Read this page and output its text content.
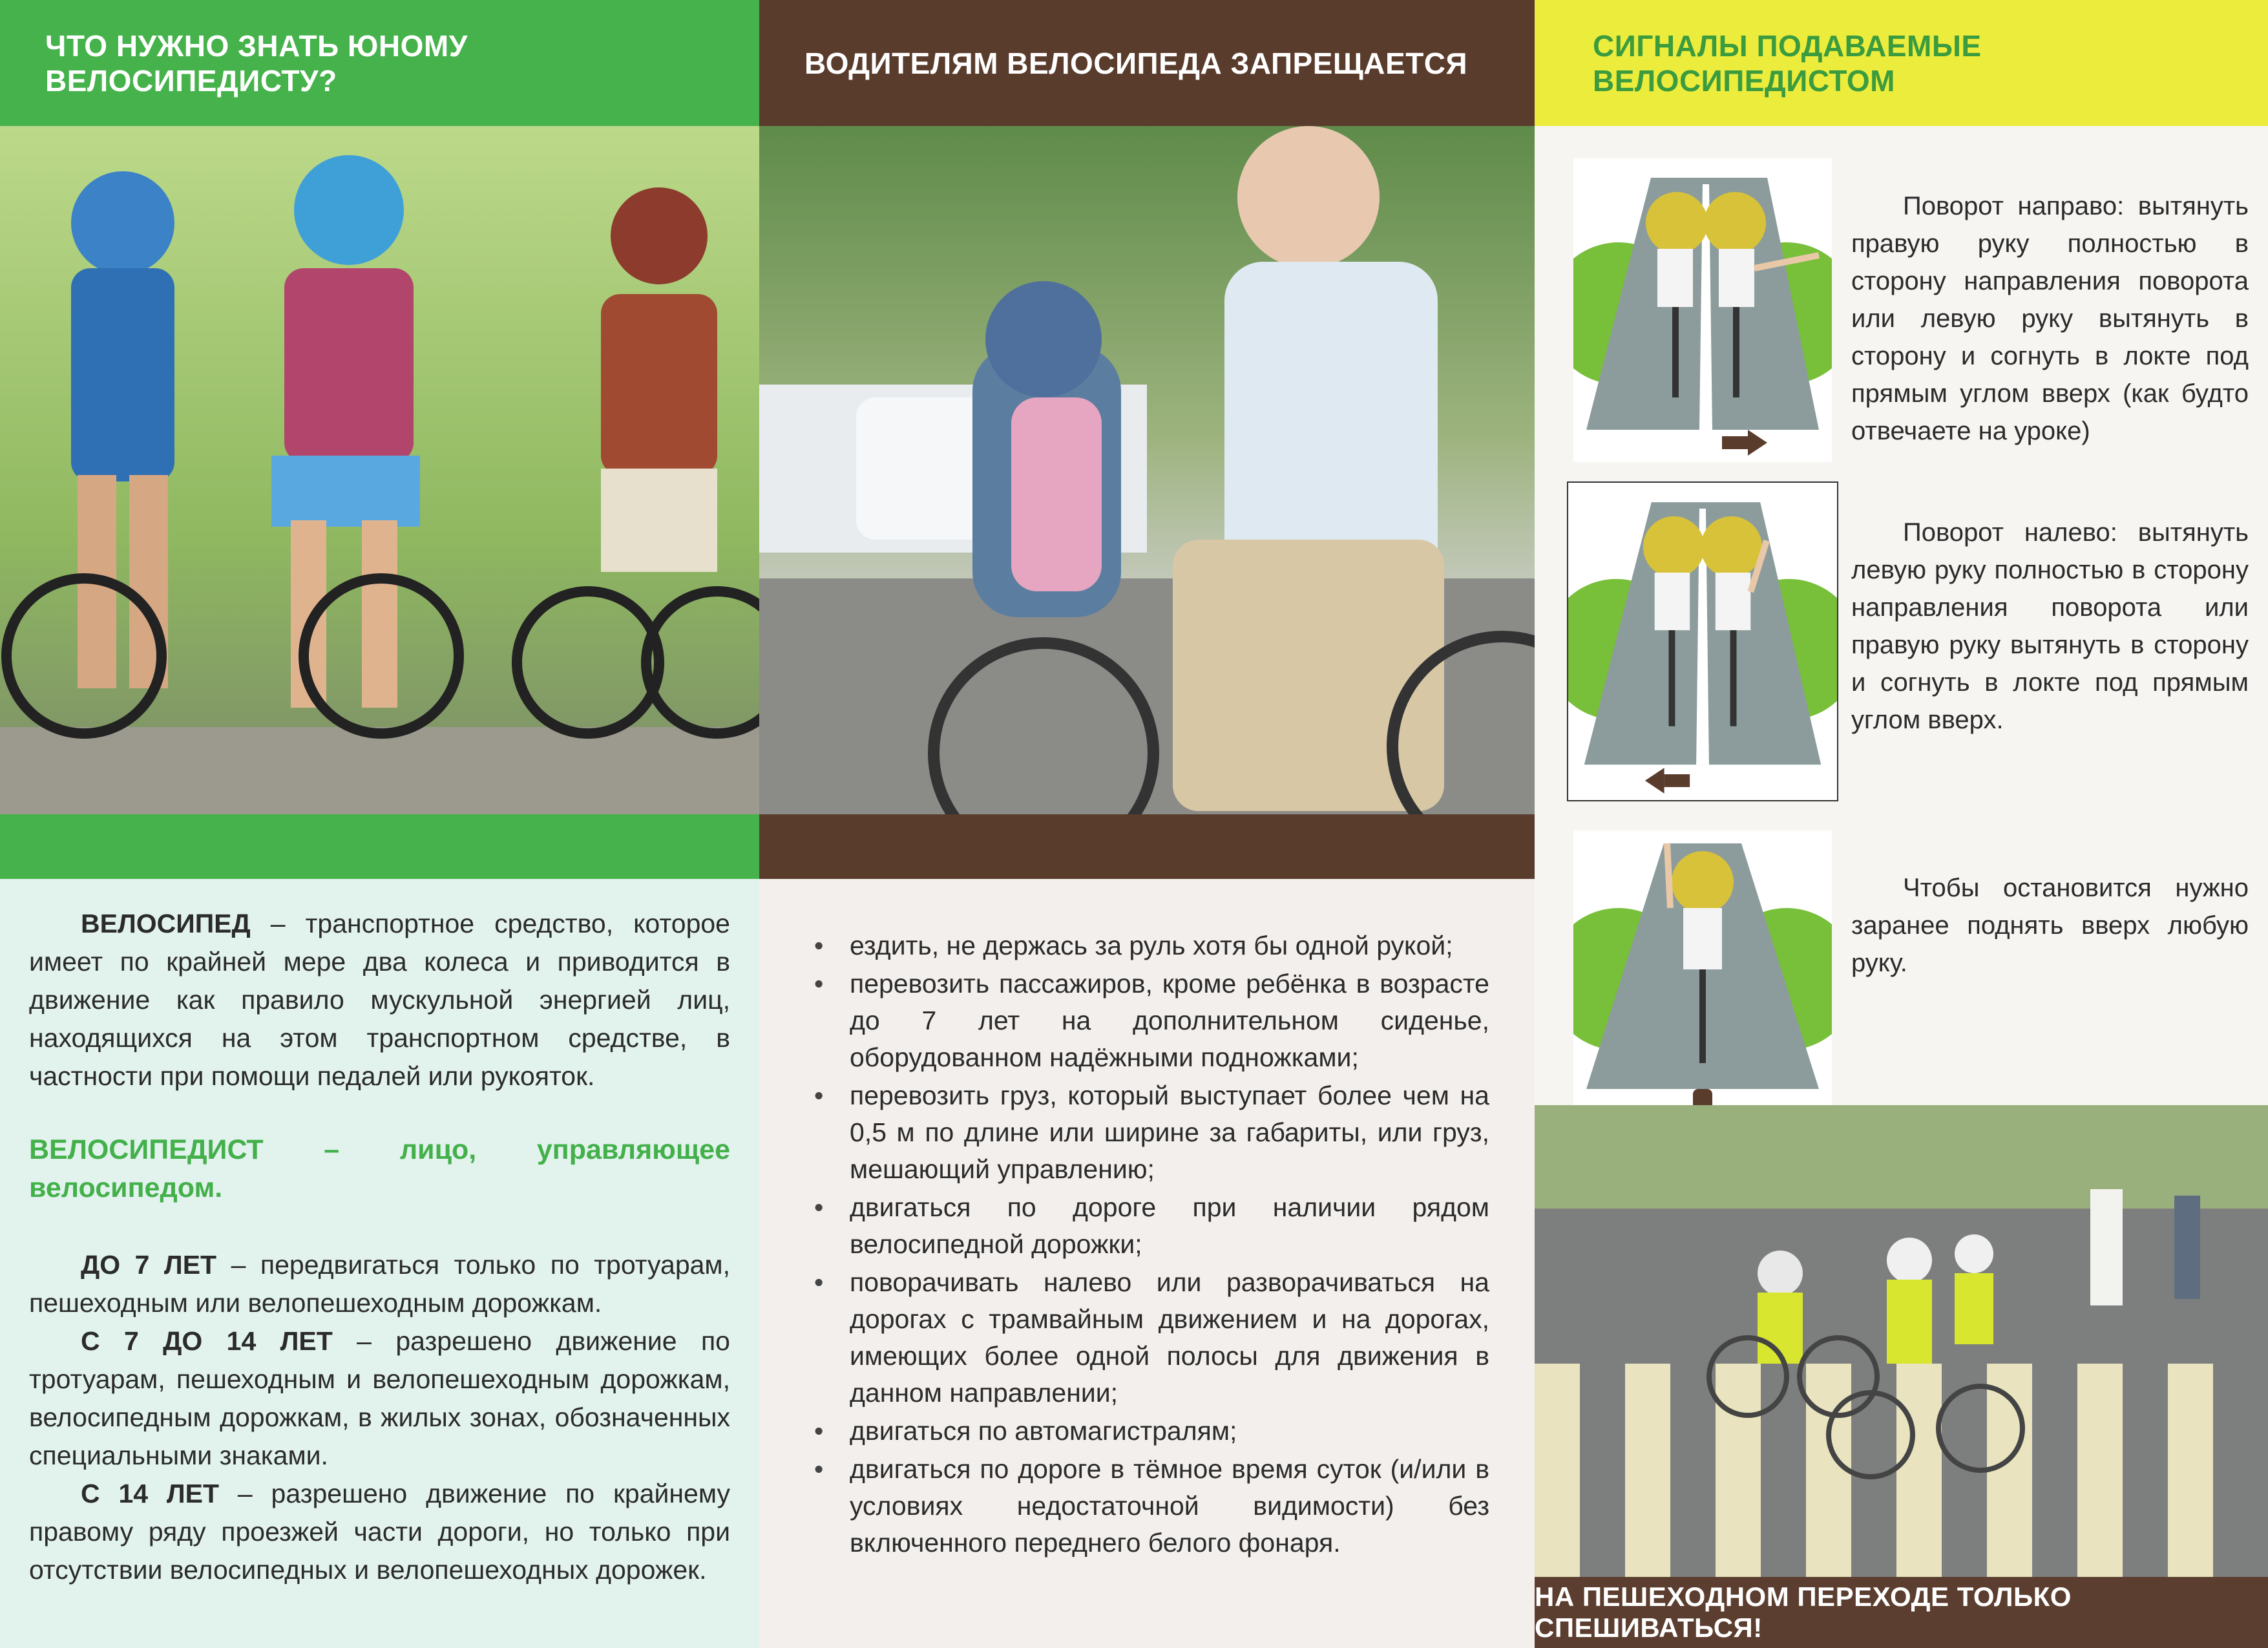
ЧТО НУЖНО ЗНАТЬ ЮНОМУ ВЕЛОСИПЕДИСТУ?

ВЕЛОСИПЕД – транспортное средство, которое имеет по крайней мере два колеса и приводится в движение как правило мускульной энергией лиц, находящихся на этом транспортном средстве, в частности при помощи педалей или рукояток.

ВЕЛОСИПЕДИСТ – лицо, управляющее велосипедом.

ДО 7 ЛЕТ – передвигаться только по тротуарам, пешеходным или велопешеходным дорожкам.

С 7 ДО 14 ЛЕТ – разрешено движение по тротуарам, пешеходным и велопешеходным дорожкам, велосипедным дорожкам, в жилых зонах, обозначенных специальными знаками.

С 14 ЛЕТ – разрешено движение по крайнему правому ряду проезжей части дороги, но только при отсутствии велосипедных и велопешеходных дорожек.

ВОДИТЕЛЯМ ВЕЛОСИПЕДА ЗАПРЕЩАЕТСЯ
• ездить, не держась за руль хотя бы одной рукой;
• перевозить пассажиров, кроме ребёнка в возрасте до 7 лет на дополнительном сиденье, оборудованном надёжными подножками;
• перевозить груз, который выступает более чем на 0,5 м по длине или ширине за габариты, или груз, мешающий управлению;
• двигаться по дороге при наличии рядом велосипедной дорожки;
• поворачивать налево или разворачиваться на дорогах с трамвайным движением и на дорогах, имеющих более одной полосы для движения в данном направлении;
• двигаться по автомагистралям;
• двигаться по дороге в тёмное время суток (и/или в условиях недостаточной видимости) без включенного переднего белого фонаря.
СИГНАЛЫ ПОДАВАЕМЫЕ ВЕЛОСИПЕДИСТОМ
Поворот направо: вытянуть правую руку полностью в сторону направления поворота или левую руку вытянуть в сторону и согнуть в локте под прямым углом вверх (как будто отвечаете на уроке)
Поворот налево: вытянуть левую руку полностью в сторону направления поворота или правую руку вытянуть в сторону и согнуть в локте под прямым углом вверх.
Чтобы остановится нужно заранее поднять вверх любую руку.
НА ПЕШЕХОДНОМ ПЕРЕХОДЕ ТОЛЬКО СПЕШИВАТЬСЯ!
